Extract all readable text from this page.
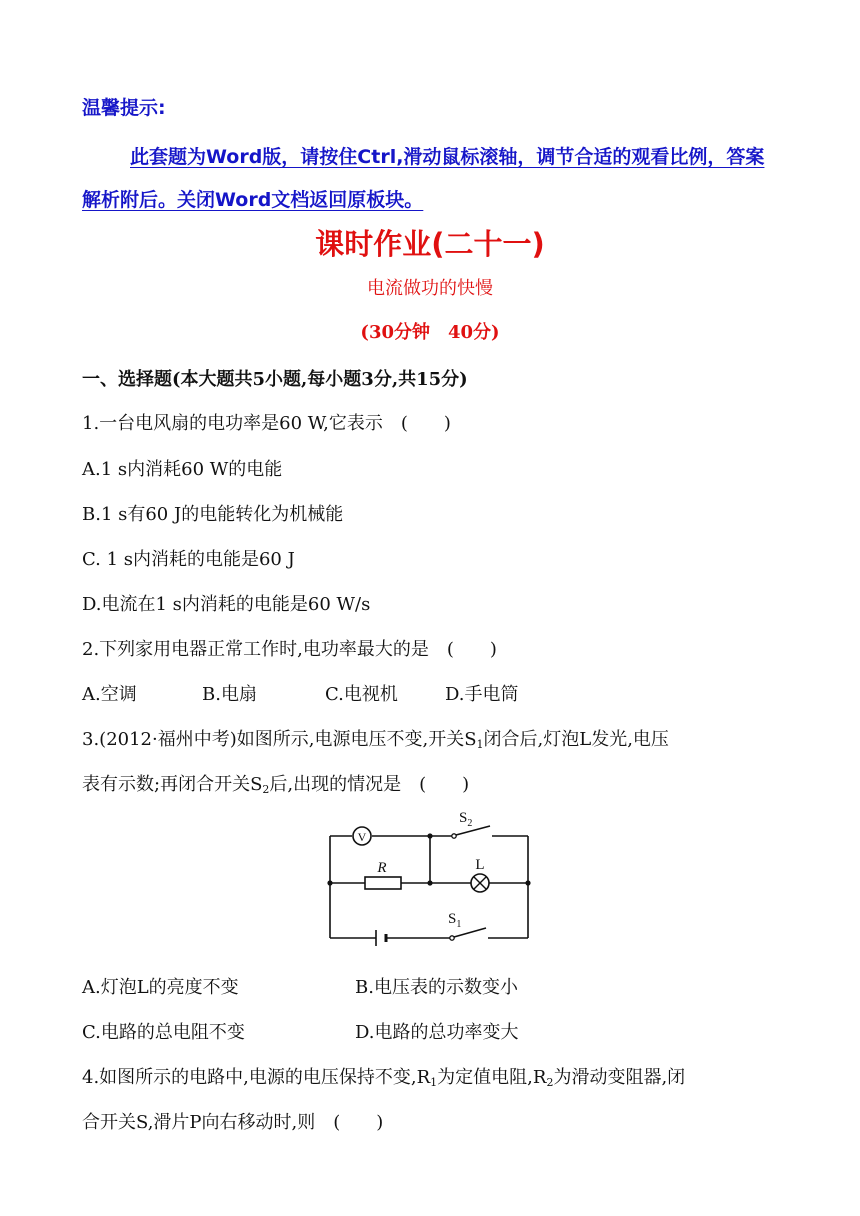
温馨提示:
此套题为Word版，请按住Ctrl,滑动鼠标滚轴，调节合适的观看比例，答案解析附后。关闭Word文档返回原板块。
课时作业(二十一)
电流做功的快慢
(30分钟　40分)
一、选择题(本大题共5小题,每小题3分,共15分)
1.一台电风扇的电功率是60 W,它表示　(　　)
A.1 s内消耗60 W的电能
B.1 s有60 J的电能转化为机械能
C. 1 s内消耗的电能是60 J
D.电流在1 s内消耗的电能是60 W/s
2.下列家用电器正常工作时,电功率最大的是　(　　)
A.空调	B.电扇	C.电视机	D.手电筒
3.(2012·福州中考)如图所示,电源电压不变,开关$S_1$闭合后,灯泡L发光,电压
表有示数;再闭合开关$S_2$后,出现的情况是　(　　)
V
R	L
$S_2$
$S_1$
A.灯泡L的亮度不变	B.电压表的示数变小
C.电路的总电阻不变	D.电路的总功率变大
4.如图所示的电路中,电源的电压保持不变$,R_1$为定值电阻$,R_2$为滑动变阻器,闭
合开关S,滑片P向右移动时,则　(　　)
